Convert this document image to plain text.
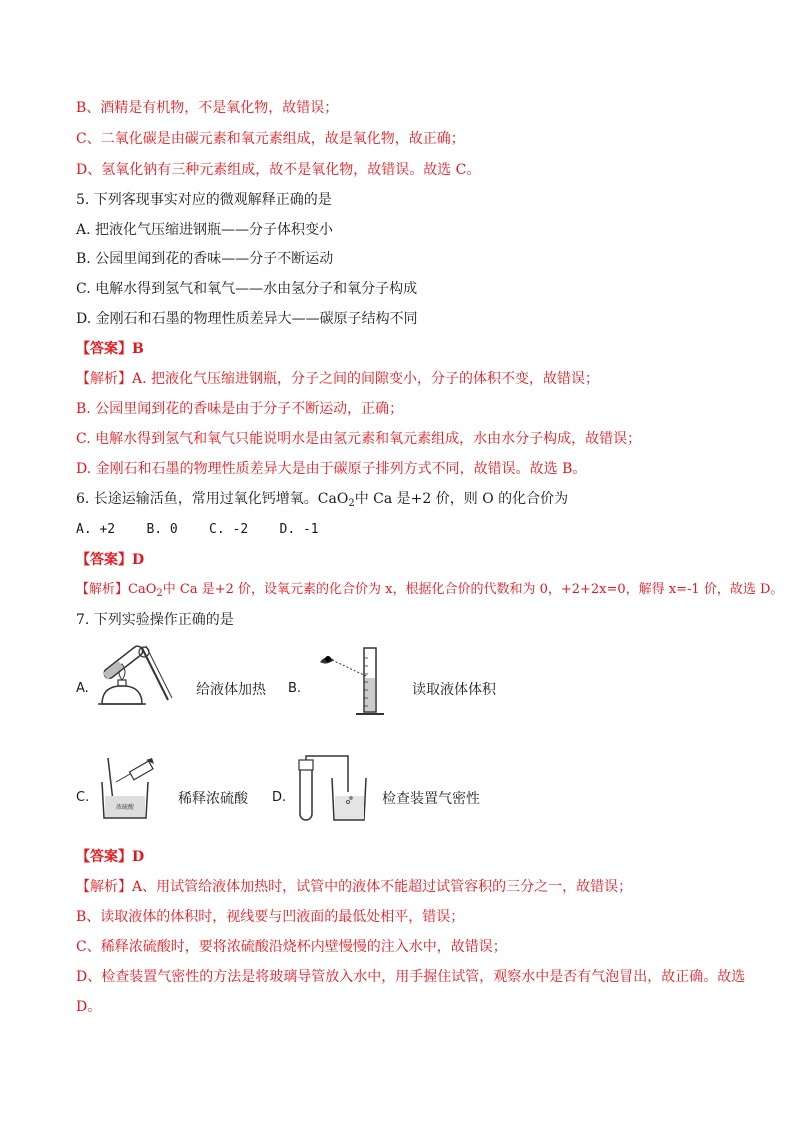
B、酒精是有机物，不是氧化物，故错误；
C、二氧化碳是由碳元素和氧元素组成，故是氧化物，故正确；
D、氢氧化钠有三种元素组成，故不是氧化物，故错误。故选 C。
5. 下列客现事实对应的微观解释正确的是
A. 把液化气压缩进钢瓶——分子体积变小
B. 公园里闻到花的香味——分子不断运动
C. 电解水得到氢气和氧气——水由氢分子和氧分子构成
D. 金刚石和石墨的物理性质差异大——碳原子结构不同
【答案】B
【解析】A. 把液化气压缩进钢瓶，分子之间的间隙变小，分子的体积不变，故错误；
B. 公园里闻到花的香味是由于分子不断运动，正确；
C. 电解水得到氢气和氧气只能说明水是由氢元素和氧元素组成，水由水分子构成，故错误；
D. 金刚石和石墨的物理性质差异大是由于碳原子排列方式不同，故错误。故选 B。
6. 长途运输活鱼，常用过氧化钙增氧。CaO$_2$中 Ca 是+2 价，则 O 的化合价为
A. +2    B. 0    C. -2    D. -1
【答案】D
【解析】CaO$_2$中 Ca 是+2 价，设氧元素的化合价为 x，根据化合价的代数和为 0，+2+2x=0，解得 x=-1 价，故选 D。
7. 下列实验操作正确的是
A.	给液体加热 B.	读取液体体积
C.
浓硫酸
稀释浓硫酸 D.	检查装置气密性
【答案】D
【解析】A、用试管给液体加热时，试管中的液体不能超过试管容积的三分之一，故错误；
B、读取液体的体积时，视线要与凹液面的最低处相平，错误；
C、稀释浓硫酸时，要将浓硫酸沿烧杯内壁慢慢的注入水中，故错误；
D、检查装置气密性的方法是将玻璃导管放入水中，用手握住试管，观察水中是否有气泡冒出，故正确。故选
D。
